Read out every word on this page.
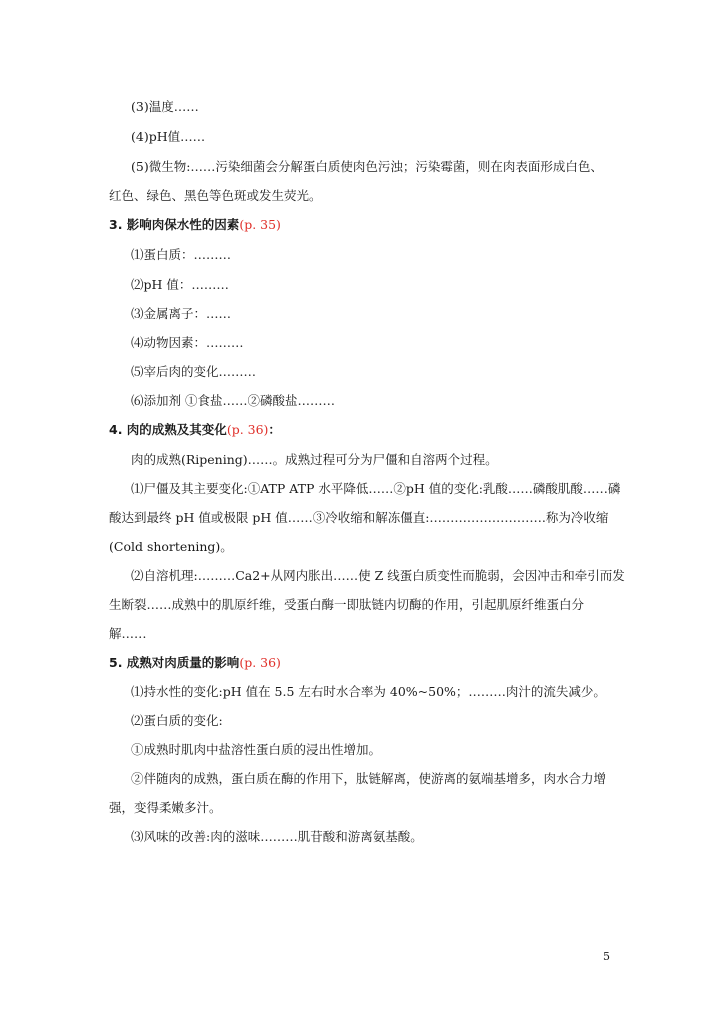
(3)温度……
(4)pH值……
(5)微生物:……污染细菌会分解蛋白质使肉色污浊；污染霉菌，则在肉表面形成白色、
红色、绿色、黑色等色斑或发生荧光。
3. 影响肉保水性的因素(p. 35)
⑴蛋白质：………
⑵pH 值：………
⑶金属离子：……
⑷动物因素：………
⑸宰后肉的变化………
⑹添加剂 ①食盐……②磷酸盐………
4. 肉的成熟及其变化(p. 36)：
肉的成熟(Ripening)……。成熟过程可分为尸僵和自溶两个过程。
⑴尸僵及其主要变化:①ATP ATP 水平降低……②pH 值的变化:乳酸……磷酸肌酸……磷
酸达到最终 pH 值或极限 pH 值……③冷收缩和解冻僵直:……………………….称为冷收缩
(Cold shortening)。
⑵自溶机理:………Ca2+从网内胀出……使 Z 线蛋白质变性而脆弱，会因冲击和牵引而发
生断裂……成熟中的肌原纤维，受蛋白酶一即肽链内切酶的作用，引起肌原纤维蛋白分
解……
5. 成熟对肉质量的影响(p. 36)
⑴持水性的变化:pH 值在 5.5 左右时水合率为 40%~50%；………肉汁的流失减少。
⑵蛋白质的变化:
①成熟时肌肉中盐溶性蛋白质的浸出性增加。
②伴随肉的成熟，蛋白质在酶的作用下，肽链解离，使游离的氨端基增多，肉水合力增
强，变得柔嫩多汁。
⑶风味的改善:肉的滋味………肌苷酸和游离氨基酸。
5
